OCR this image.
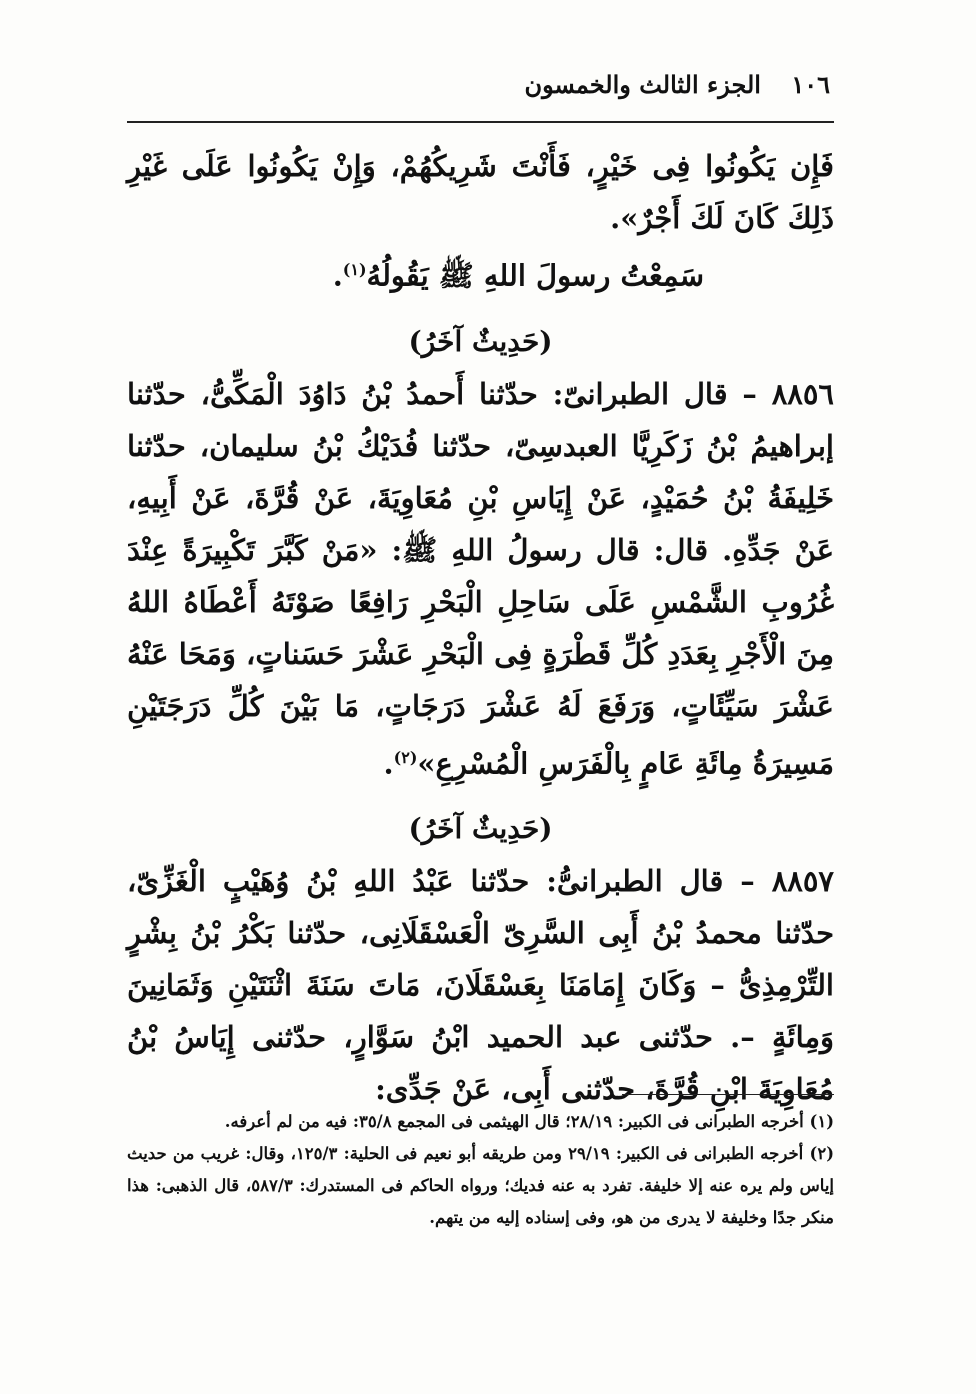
١٠٦ الجزء الثالث والخمسون

فَإِن يَكُونُوا فِى خَيْرٍ، فَأَنْتَ شَرِيكُهُمْ، وَإِنْ يَكُونُوا عَلَى غَيْرِ ذَلِكَ كَانَ لَكَ أَجْرٌ».

سَمِعْتُ رسولَ اللهِ ﷺ يَقُولُهُ$^{(١)}$.

(حَدِيثٌ آخَرُ)

٨٨٥٦ – قال الطبرانىّ: حدّثنا أَحمدُ بْنُ دَاوُدَ الْمَكِّىُّ، حدّثنا إبراهيمُ بْنُ زَكَرِيَّا العبدسِىّ، حدّثنا فُدَيْكُ بْنُ سليمان، حدّثنا خَلِيفَةُ بْنُ حُمَيْدٍ، عَنْ إِيَاسِ بْنِ مُعَاوِيَةَ، عَنْ قُرَّةَ، عَنْ أَبِيهِ، عَنْ جَدِّهِ. قال: قال رسولُ اللهِ ﷺ: «مَنْ كَبَّرَ تَكْبِيرَةً عِنْدَ غُرُوبِ الشَّمْسِ عَلَى سَاحِلِ الْبَحْرِ رَافِعًا صَوْتَهُ أَعْطَاهُ اللهُ مِنَ الْأَجْرِ بِعَدَدِ كُلِّ قَطْرَةٍ فِى الْبَحْرِ عَشْرَ حَسَناتٍ، وَمَحَا عَنْهُ عَشْرَ سَيِّئَاتٍ، وَرَفَعَ لَهُ عَشْرَ دَرَجَاتٍ، مَا بَيْنَ كُلِّ دَرَجَتَيْنِ مَسِيرَةُ مِائَةِ عَامٍ بِالْفَرَسِ الْمُسْرِعِ»$^{(٢)}$.

(حَدِيثٌ آخَرُ)

٨٨٥٧ – قال الطبرانىُّ: حدّثنا عَبْدُ اللهِ بْنُ وُهَيْبٍ الْغَزِّىّ، حدّثنا محمدُ بْنُ أَبِى السَّرِىّ الْعَسْقَلَانِى، حدّثنا بَكْرُ بْنُ بِشْرٍ التِّرْمِذِىُّ – وَكَانَ إِمَامَنَا بِعَسْقَلَانَ، مَاتَ سَنَةَ اثْنَتَيْنِ وَثَمَانِينَ وَمِائَةٍ –. حدّثنى عبد الحميد ابْنُ سَوَّارٍ، حدّثنى إِيَاسُ بْنُ مُعَاوِيَةَ ابْنِ قُرَّةَ، حدّثنى أَبِى، عَنْ جَدِّى:

(١) أخرجه الطبرانى فى الكبير: ٢٨/١٩؛ قال الهيثمى فى المجمع ٣٥/٨: فيه من لم أعرفه.

(٢) أخرجه الطبرانى فى الكبير: ٢٩/١٩ ومن طريقه أبو نعيم فى الحلية: ١٢٥/٣، وقال: غريب من حديث إياس ولم يره عنه إلا خليفة. تفرد به عنه فديك؛ ورواه الحاكم فى المستدرك: ٥٨٧/٣، قال الذهبى: هذا منكر جدًا وخليفة لا يدرى من هو، وفى إسناده إليه من يتهم.
